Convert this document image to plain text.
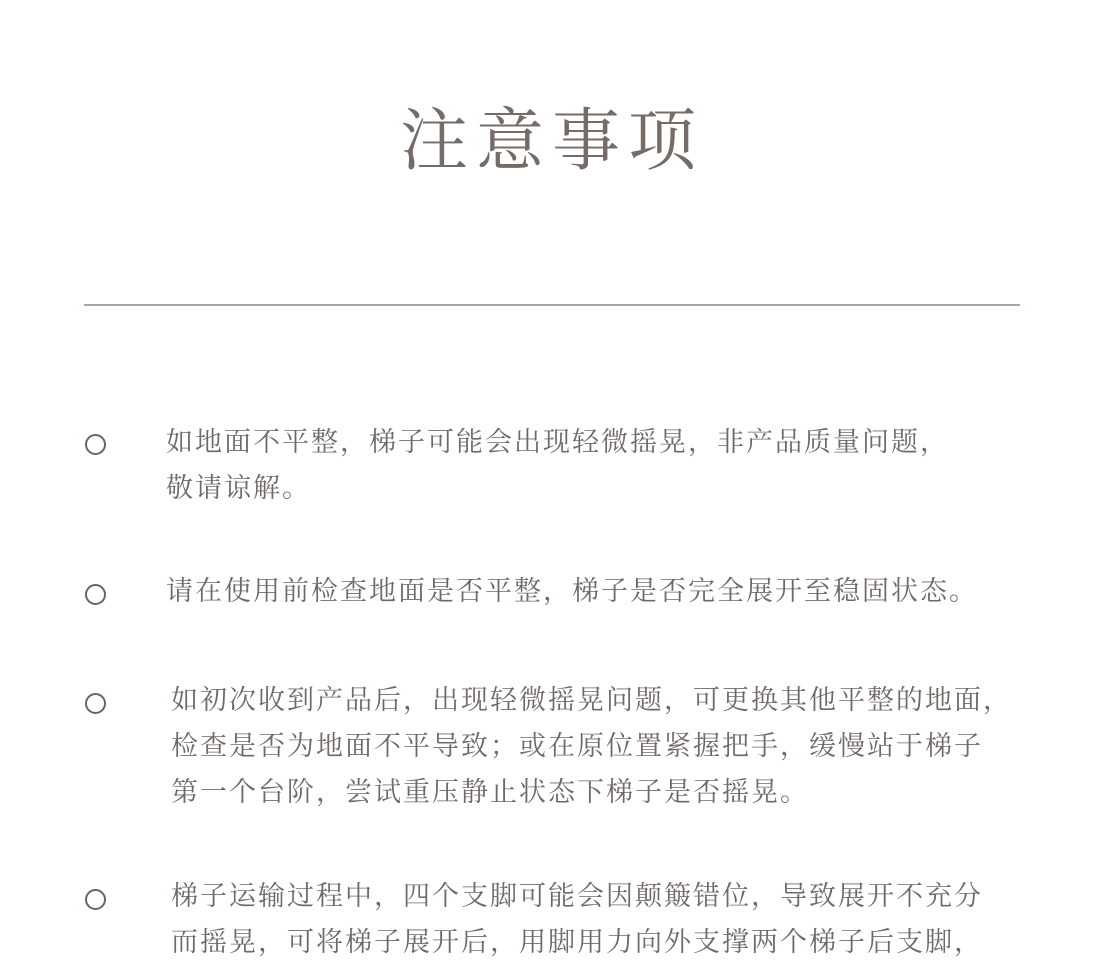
注意事项
如地面不平整，梯子可能会出现轻微摇晃，非产品质量问题，
敬请谅解。
请在使用前检查地面是否平整，梯子是否完全展开至稳固状态。
如初次收到产品后，出现轻微摇晃问题，可更换其他平整的地面，
检查是否为地面不平导致；或在原位置紧握把手，缓慢站于梯子
第一个台阶，尝试重压静止状态下梯子是否摇晃。
梯子运输过程中，四个支脚可能会因颠簸错位，导致展开不充分
而摇晃，可将梯子展开后，用脚用力向外支撑两个梯子后支脚，
